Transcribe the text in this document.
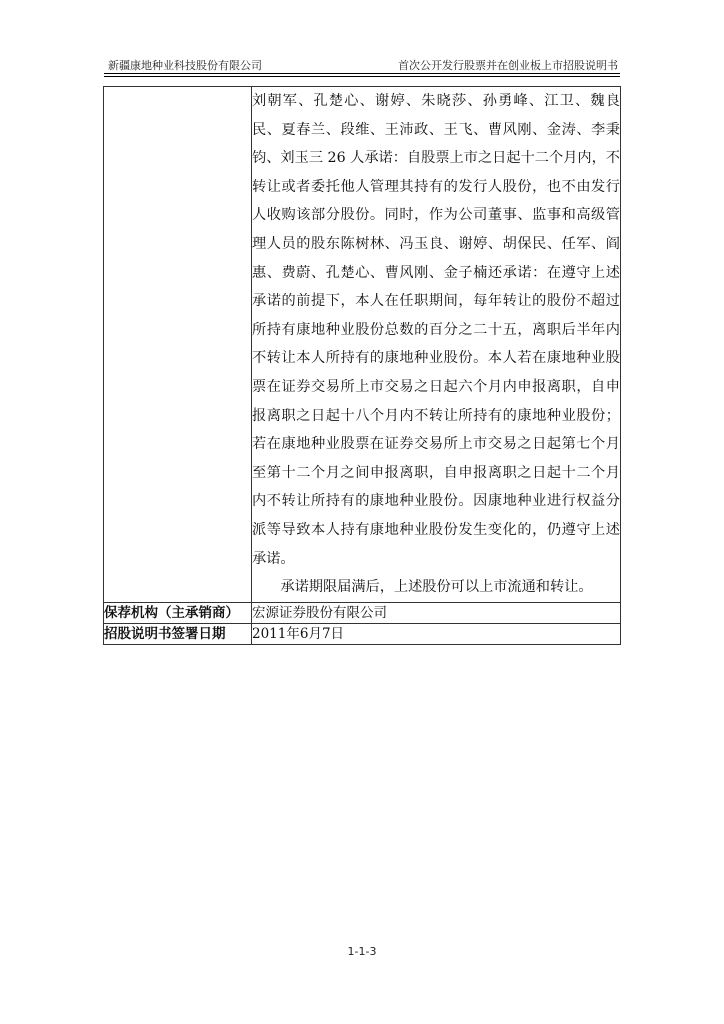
新疆康地种业科技股份有限公司	首次公开发行股票并在创业板上市招股说明书

	刘朝军、孔楚心、谢婷、朱晓莎、孙勇峰、江卫、魏良民、夏春兰、段维、王沛政、王飞、曹风刚、金涛、李秉钧、刘玉三 26 人承诺：自股票上市之日起十二个月内，不转让或者委托他人管理其持有的发行人股份，也不由发行人收购该部分股份。同时，作为公司董事、监事和高级管理人员的股东陈树林、冯玉良、谢婷、胡保民、任军、阎惠、费蔚、孔楚心、曹风刚、金子楠还承诺：在遵守上述承诺的前提下，本人在任职期间，每年转让的股份不超过所持有康地种业股份总数的百分之二十五，离职后半年内不转让本人所持有的康地种业股份。本人若在康地种业股票在证券交易所上市交易之日起六个月内申报离职，自申报离职之日起十八个月内不转让所持有的康地种业股份；若在康地种业股票在证券交易所上市交易之日起第七个月至第十二个月之间申报离职，自申报离职之日起十二个月内不转让所持有的康地种业股份。因康地种业进行权益分派等导致本人持有康地种业股份发生变化的，仍遵守上述承诺。
承诺期限届满后，上述股份可以上市流通和转让。

保荐机构（主承销商）	宏源证券股份有限公司
招股说明书签署日期	2011年6月7日
1-1-3
